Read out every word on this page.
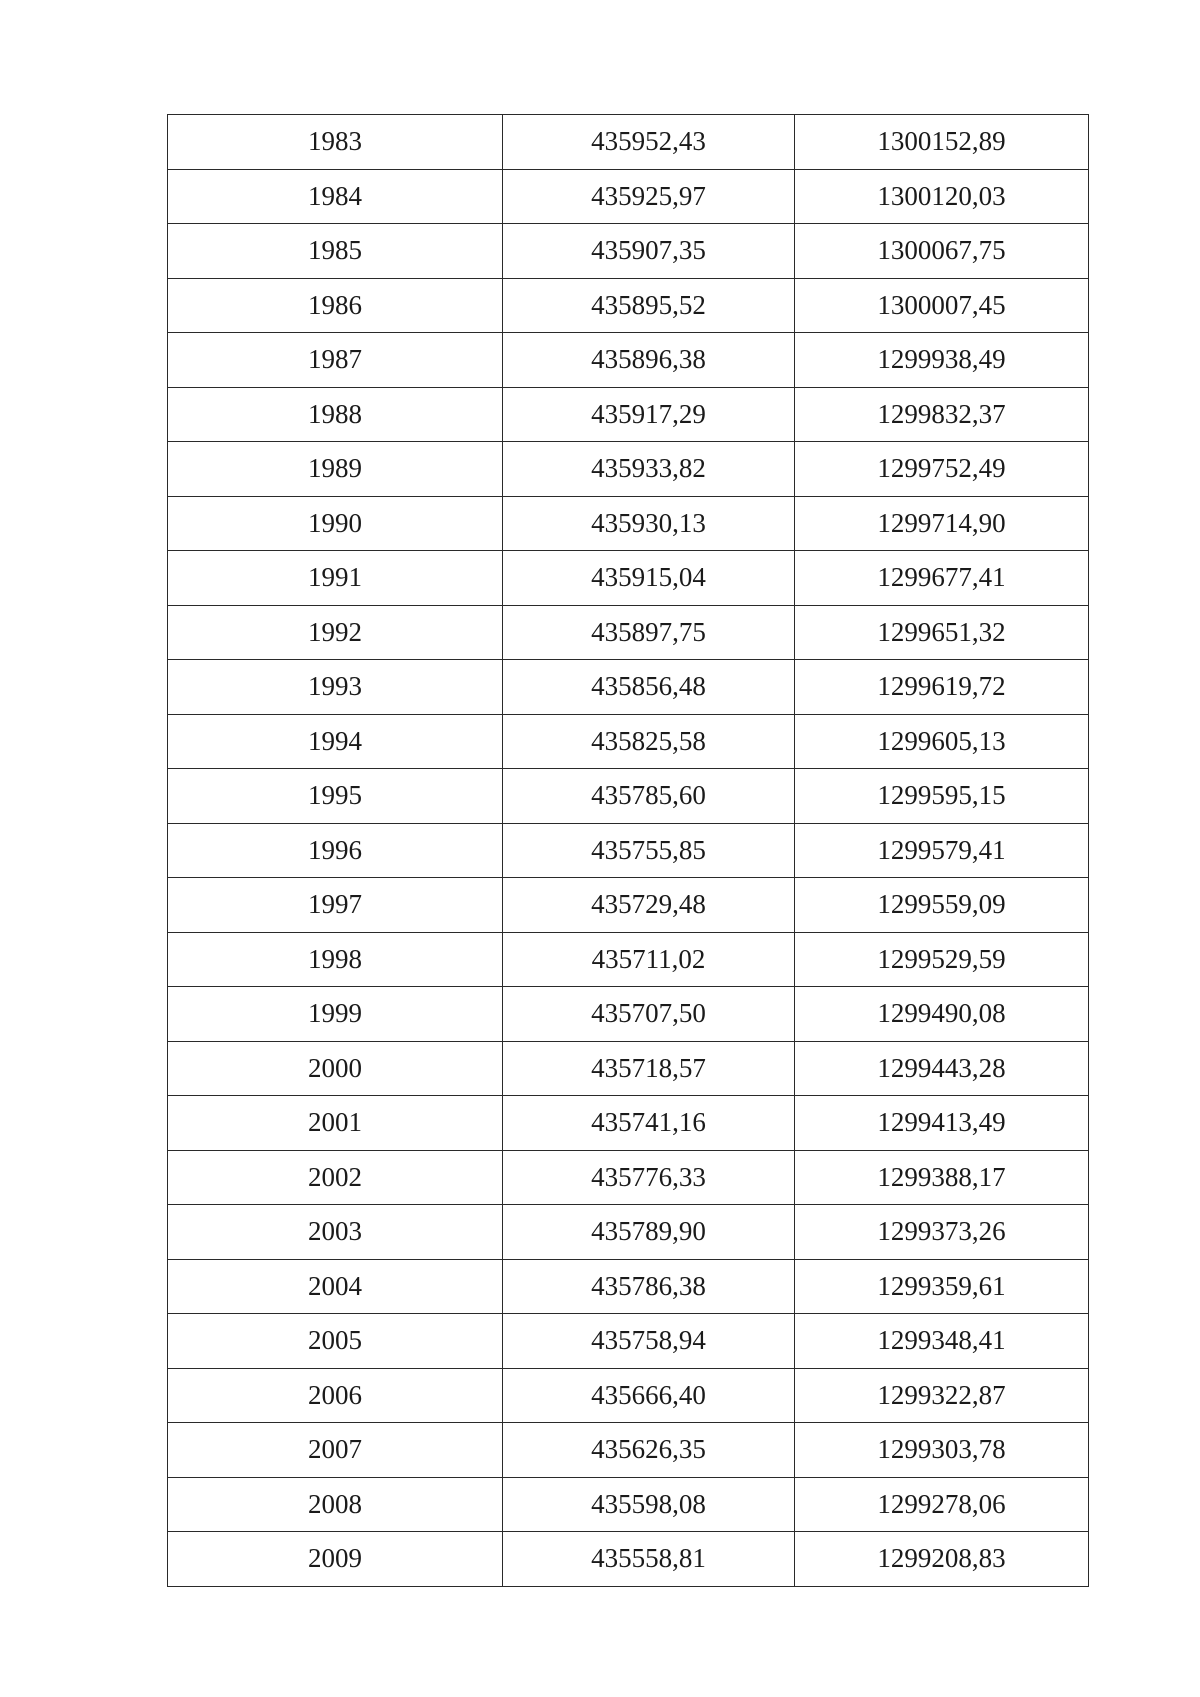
1983	435952,43	1300152,89
1984	435925,97	1300120,03
1985	435907,35	1300067,75
1986	435895,52	1300007,45
1987	435896,38	1299938,49
1988	435917,29	1299832,37
1989	435933,82	1299752,49
1990	435930,13	1299714,90
1991	435915,04	1299677,41
1992	435897,75	1299651,32
1993	435856,48	1299619,72
1994	435825,58	1299605,13
1995	435785,60	1299595,15
1996	435755,85	1299579,41
1997	435729,48	1299559,09
1998	435711,02	1299529,59
1999	435707,50	1299490,08
2000	435718,57	1299443,28
2001	435741,16	1299413,49
2002	435776,33	1299388,17
2003	435789,90	1299373,26
2004	435786,38	1299359,61
2005	435758,94	1299348,41
2006	435666,40	1299322,87
2007	435626,35	1299303,78
2008	435598,08	1299278,06
2009	435558,81	1299208,83
